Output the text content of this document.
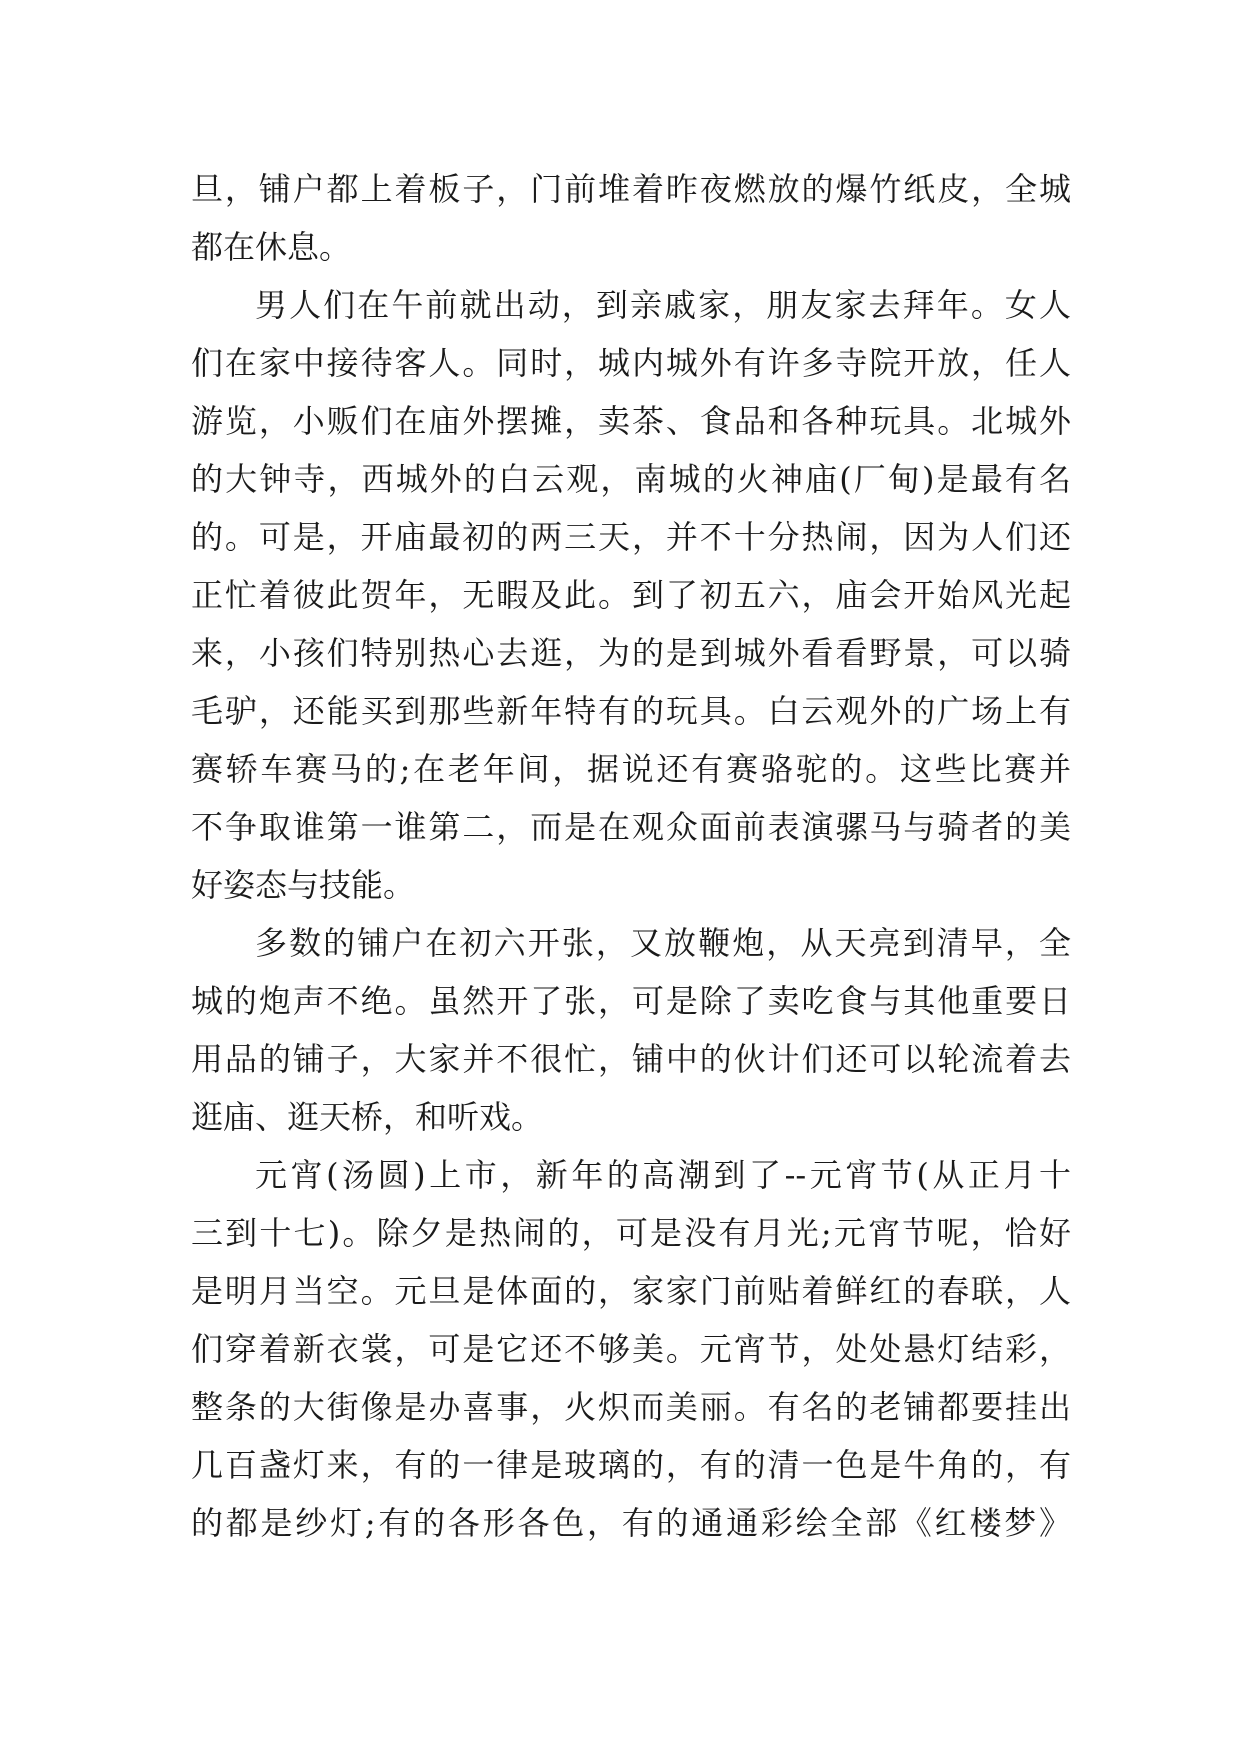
旦，铺户都上着板子，门前堆着昨夜燃放的爆竹纸皮，全城
都在休息。
男人们在午前就出动，到亲戚家，朋友家去拜年。女人
们在家中接待客人。同时，城内城外有许多寺院开放，任人
游览，小贩们在庙外摆摊，卖茶、食品和各种玩具。北城外
的大钟寺，西城外的白云观，南城的火神庙(厂甸)是最有名
的。可是，开庙最初的两三天，并不十分热闹，因为人们还
正忙着彼此贺年，无暇及此。到了初五六，庙会开始风光起
来，小孩们特别热心去逛，为的是到城外看看野景，可以骑
毛驴，还能买到那些新年特有的玩具。白云观外的广场上有
赛轿车赛马的;在老年间，据说还有赛骆驼的。这些比赛并
不争取谁第一谁第二，而是在观众面前表演骡马与骑者的美
好姿态与技能。
多数的铺户在初六开张，又放鞭炮，从天亮到清早，全
城的炮声不绝。虽然开了张，可是除了卖吃食与其他重要日
用品的铺子，大家并不很忙，铺中的伙计们还可以轮流着去
逛庙、逛天桥，和听戏。
元宵(汤圆)上市，新年的高潮到了--元宵节(从正月十
三到十七)。除夕是热闹的，可是没有月光;元宵节呢，恰好
是明月当空。元旦是体面的，家家门前贴着鲜红的春联，人
们穿着新衣裳，可是它还不够美。元宵节，处处悬灯结彩，
整条的大街像是办喜事，火炽而美丽。有名的老铺都要挂出
几百盏灯来，有的一律是玻璃的，有的清一色是牛角的，有
的都是纱灯;有的各形各色，有的通通彩绘全部《红楼梦》
